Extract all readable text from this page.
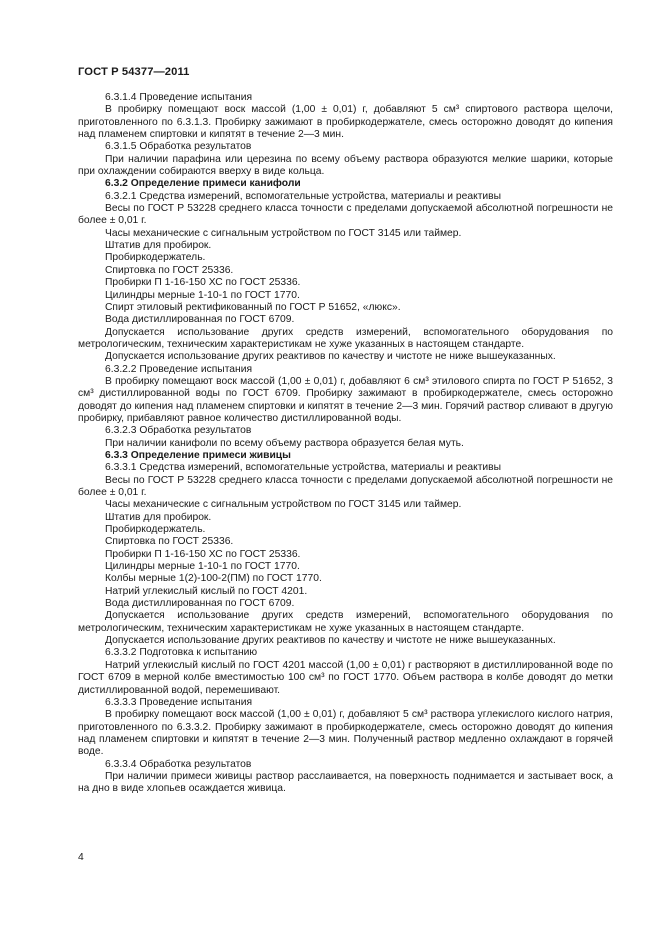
ГОСТ Р 54377—2011

6.3.1.4 Проведение испытания

В пробирку помещают воск массой (1,00 ± 0,01) г, добавляют 5 см³ спиртового раствора щелочи, приготовленного по 6.3.1.3. Пробирку зажимают в пробиркодержателе, смесь осторожно доводят до кипения над пламенем спиртовки и кипятят в течение 2—3 мин.

6.3.1.5 Обработка результатов

При наличии парафина или церезина по всему объему раствора образуются мелкие шарики, которые при охлаждении собираются вверху в виде кольца.

6.3.2 Определение примеси канифоли

6.3.2.1 Средства измерений, вспомогательные устройства, материалы и реактивы

Весы по ГОСТ Р 53228 среднего класса точности с пределами допускаемой абсолютной погрешности не более ± 0,01 г.

Часы механические с сигнальным устройством по ГОСТ 3145 или таймер.

Штатив для пробирок.

Пробиркодержатель.

Спиртовка по ГОСТ 25336.

Пробирки П 1-16-150 ХС по ГОСТ 25336.

Цилиндры мерные 1-10-1 по ГОСТ 1770.

Спирт этиловый ректификованный по ГОСТ Р 51652, «люкс».

Вода дистиллированная по ГОСТ 6709.

Допускается использование других средств измерений, вспомогательного оборудования по метрологическим, техническим характеристикам не хуже указанных в настоящем стандарте.

Допускается использование других реактивов по качеству и чистоте не ниже вышеуказанных.

6.3.2.2 Проведение испытания

В пробирку помещают воск массой (1,00 ± 0,01) г, добавляют 6 см³ этилового спирта по ГОСТ Р 51652, 3 см³ дистиллированной воды по ГОСТ 6709. Пробирку зажимают в пробиркодержателе, смесь осторожно доводят до кипения над пламенем спиртовки и кипятят в течение 2—3 мин. Горячий раствор сливают в другую пробирку, прибавляют равное количество дистиллированной воды.

6.3.2.3 Обработка результатов

При наличии канифоли по всему объему раствора образуется белая муть.

6.3.3 Определение примеси живицы

6.3.3.1 Средства измерений, вспомогательные устройства, материалы и реактивы

Весы по ГОСТ Р 53228 среднего класса точности с пределами допускаемой абсолютной погрешности не более ± 0,01 г.

Часы механические с сигнальным устройством по ГОСТ 3145 или таймер.

Штатив для пробирок.

Пробиркодержатель.

Спиртовка по ГОСТ 25336.

Пробирки П 1-16-150 ХС по ГОСТ 25336.

Цилиндры мерные 1-10-1 по ГОСТ 1770.

Колбы мерные 1(2)-100-2(ПМ) по ГОСТ 1770.

Натрий углекислый кислый по ГОСТ 4201.

Вода дистиллированная по ГОСТ 6709.

Допускается использование других средств измерений, вспомогательного оборудования по метрологическим, техническим характеристикам не хуже указанных в настоящем стандарте.

Допускается использование других реактивов по качеству и чистоте не ниже вышеуказанных.

6.3.3.2 Подготовка к испытанию

Натрий углекислый кислый по ГОСТ 4201 массой (1,00 ± 0,01) г растворяют в дистиллированной воде по ГОСТ 6709 в мерной колбе вместимостью 100 см³ по ГОСТ 1770. Объем раствора в колбе доводят до метки дистиллированной водой, перемешивают.

6.3.3.3 Проведение испытания

В пробирку помещают воск массой (1,00 ± 0,01) г, добавляют 5 см³ раствора углекислого кислого натрия, приготовленного по 6.3.3.2. Пробирку зажимают в пробиркодержателе, смесь осторожно доводят до кипения над пламенем спиртовки и кипятят в течение 2—3 мин. Полученный раствор медленно охлаждают в горячей воде.

6.3.3.4 Обработка результатов

При наличии примеси живицы раствор расслаивается, на поверхность поднимается и застывает воск, а на дно в виде хлопьев осаждается живица.

4
